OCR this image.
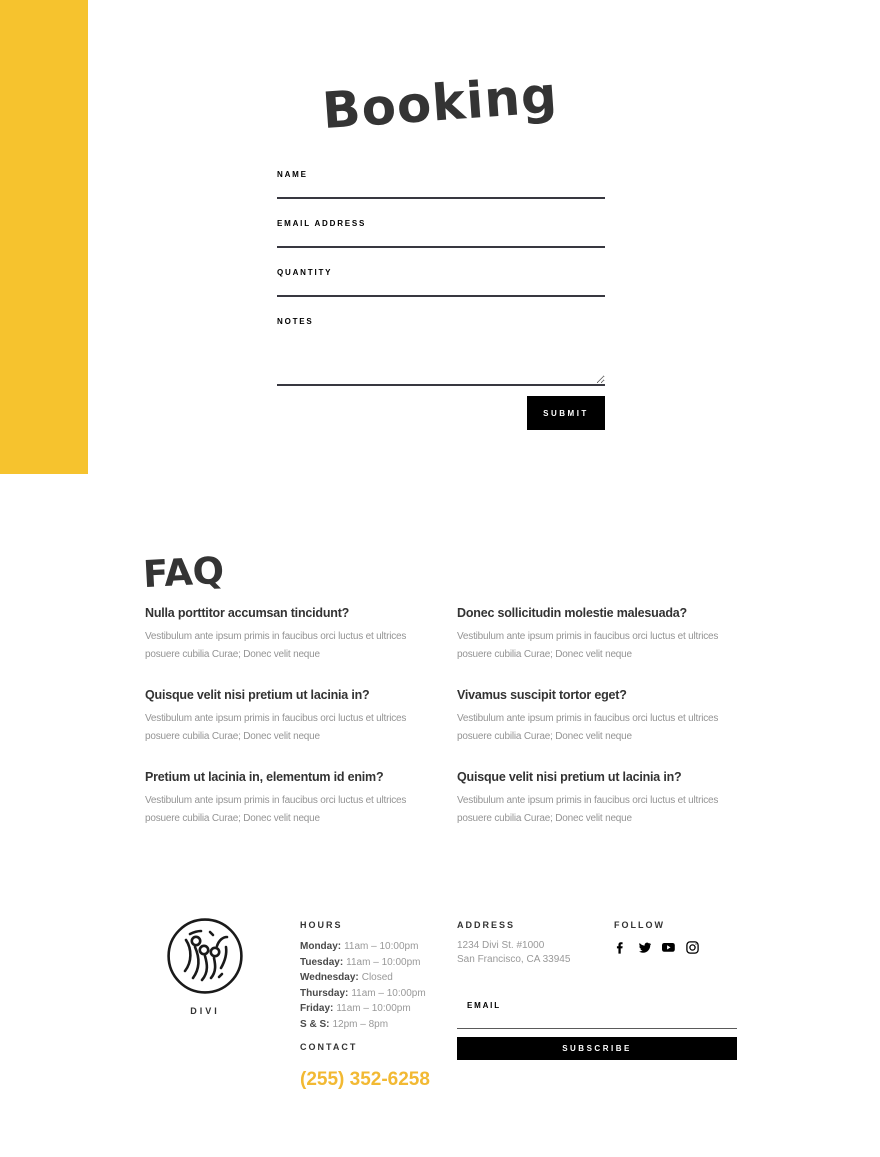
Booking
NAME
EMAIL ADDRESS
QUANTITY
NOTES
SUBMIT
FAQ
Nulla porttitor accumsan tincidunt?

Vestibulum ante ipsum primis in faucibus orci luctus et ultrices posuere cubilia Curae; Donec velit neque

Quisque velit nisi pretium ut lacinia in?

Vestibulum ante ipsum primis in faucibus orci luctus et ultrices posuere cubilia Curae; Donec velit neque

Pretium ut lacinia in, elementum id enim?

Vestibulum ante ipsum primis in faucibus orci luctus et ultrices posuere cubilia Curae; Donec velit neque

Donec sollicitudin molestie malesuada?

Vestibulum ante ipsum primis in faucibus orci luctus et ultrices posuere cubilia Curae; Donec velit neque

Vivamus suscipit tortor eget?

Vestibulum ante ipsum primis in faucibus orci luctus et ultrices posuere cubilia Curae; Donec velit neque

Quisque velit nisi pretium ut lacinia in?

Vestibulum ante ipsum primis in faucibus orci luctus et ultrices posuere cubilia Curae; Donec velit neque

DIVI
HOURS
Monday: 11am – 10:00pm
Tuesday: 11am – 10:00pm
Wednesday: Closed
Thursday: 11am – 10:00pm
Friday: 11am – 10:00pm
S & S: 12pm – 8pm
CONTACT
(255) 352-6258
ADDRESS
1234 Divi St. #1000
San Francisco, CA 33945
FOLLOW
EMAIL
SUBSCRIBE
